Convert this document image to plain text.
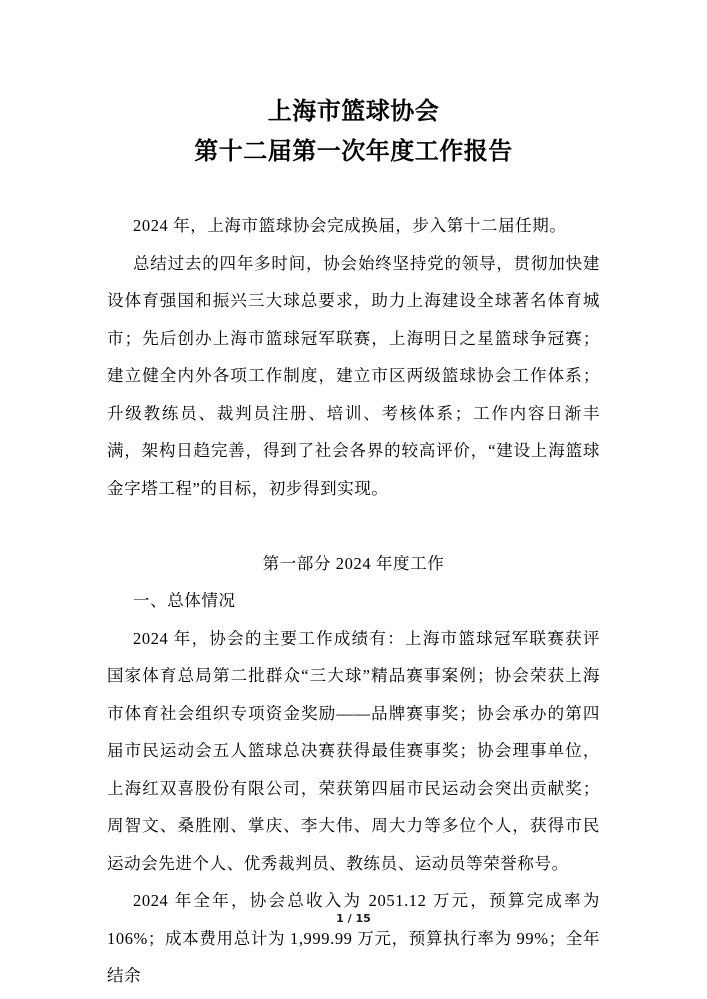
上海市篮球协会
第十二届第一次年度工作报告

2024 年，上海市篮球协会完成换届，步入第十二届任期。

总结过去的四年多时间，协会始终坚持党的领导，贯彻加快建设体育强国和振兴三大球总要求，助力上海建设全球著名体育城市；先后创办上海市篮球冠军联赛，上海明日之星篮球争冠赛；建立健全内外各项工作制度，建立市区两级篮球协会工作体系；升级教练员、裁判员注册、培训、考核体系；工作内容日渐丰满，架构日趋完善，得到了社会各界的较高评价，“建设上海篮球金字塔工程”的目标，初步得到实现。

第一部分 2024 年度工作

一、总体情况

2024 年，协会的主要工作成绩有：上海市篮球冠军联赛获评国家体育总局第二批群众“三大球”精品赛事案例；协会荣获上海市体育社会组织专项资金奖励——品牌赛事奖；协会承办的第四届市民运动会五人篮球总决赛获得最佳赛事奖；协会理事单位，上海红双喜股份有限公司，荣获第四届市民运动会突出贡献奖；周智文、桑胜刚、掌庆、李大伟、周大力等多位个人，获得市民运动会先进个人、优秀裁判员、教练员、运动员等荣誉称号。

2024 年全年，协会总收入为 2051.12 万元，预算完成率为 106%；成本费用总计为 1,999.99 万元，预算执行率为 99%；全年结余

1 / 15
